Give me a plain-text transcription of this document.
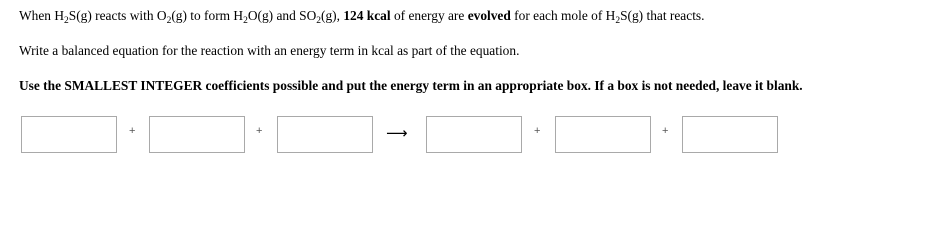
When $H_2S(g)$ reacts with $O_2(g)$ to form $H_2O(g)$ and $SO_2(g)$, 124 kcal of energy are evolved for each mole of $H_2S(g)$ that reacts.
Write a balanced equation for the reaction with an energy term in kcal as part of the equation.
Use the SMALLEST INTEGER coefficients possible and put the energy term in an appropriate box. If a box is not needed, leave it blank.
+	+	⟶	+	+
